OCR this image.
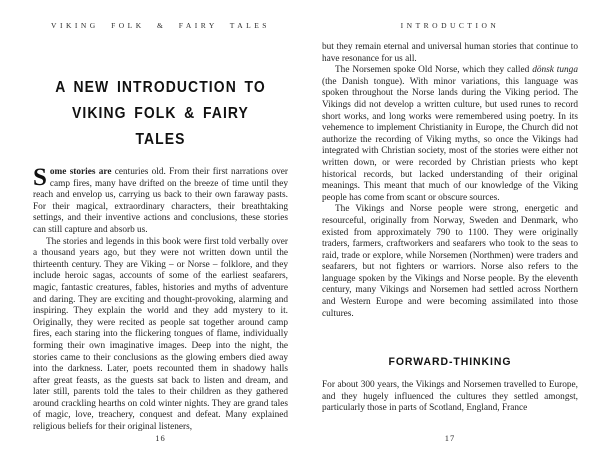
VIKING FOLK & FAIRY TALES
A NEW INTRODUCTION TO
VIKING FOLK & FAIRY TALES

Some stories are centuries old. From their first narrations over camp fires, many have drifted on the breeze of time until they reach and envelop us, carrying us back to their own faraway pasts. For their magical, extraordinary characters, their breathtaking settings, and their inventive actions and conclusions, these stories can still capture and absorb us.

The stories and legends in this book were first told verbally over a thousand years ago, but they were not written down until the thirteenth century. They are Viking – or Norse – folklore, and they include heroic sagas, accounts of some of the earliest seafarers, magic, fantastic creatures, fables, histories and myths of adventure and daring. They are exciting and thought-provoking, alarming and inspiring. They explain the world and they add mystery to it. Originally, they were recited as people sat together around camp fires, each staring into the flickering tongues of flame, individually forming their own imaginative images. Deep into the night, the stories came to their conclusions as the glowing embers died away into the darkness. Later, poets recounted them in shadowy halls after great feasts, as the guests sat back to listen and dream, and later still, parents told the tales to their children as they gathered around crackling hearths on cold winter nights. They are grand tales of magic, love, treachery, conquest and defeat. Many explained religious beliefs for their original listeners,

16
INTRODUCTION

but they remain eternal and universal human stories that continue to have resonance for us all.

The Norsemen spoke Old Norse, which they called dönsk tunga (the Danish tongue). With minor variations, this language was spoken throughout the Norse lands during the Viking period. The Vikings did not develop a written culture, but used runes to record short works, and long works were remembered using poetry. In its vehemence to implement Christianity in Europe, the Church did not authorize the recording of Viking myths, so once the Vikings had integrated with Christian society, most of the stories were either not written down, or were recorded by Christian priests who kept historical records, but lacked understanding of their original meanings. This meant that much of our knowledge of the Viking people has come from scant or obscure sources.

The Vikings and Norse people were strong, energetic and resourceful, originally from Norway, Sweden and Denmark, who existed from approximately 790 to 1100. They were originally traders, farmers, craftworkers and seafarers who took to the seas to raid, trade or explore, while Norsemen (Northmen) were traders and seafarers, but not fighters or warriors. Norse also refers to the language spoken by the Vikings and Norse people. By the eleventh century, many Vikings and Norsemen had settled across Northern and Western Europe and were becoming assimilated into those cultures.

FORWARD-THINKING

For about 300 years, the Vikings and Norsemen travelled to Europe, and they hugely influenced the cultures they settled amongst, particularly those in parts of Scotland, England, France

17
